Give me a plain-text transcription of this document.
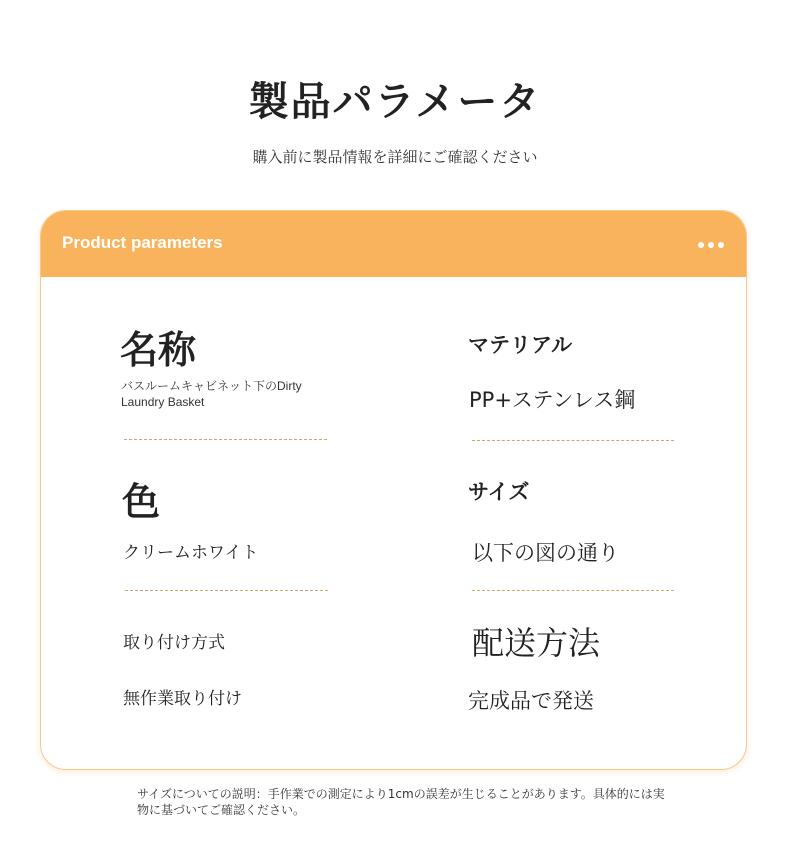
製品パラメータ
購入前に製品情報を詳細にご確認ください
Product parameters
名称
バスルームキャビネット下のDirty Laundry Basket
マテリアル
PP+ステンレス鋼
色
クリームホワイト
サイズ
以下の図の通り
取り付け方式
無作業取り付け
配送方法
完成品で発送
サイズについての説明：手作業での測定により1cmの誤差が生じることがあります。具体的には実物に基づいてご確認ください。
